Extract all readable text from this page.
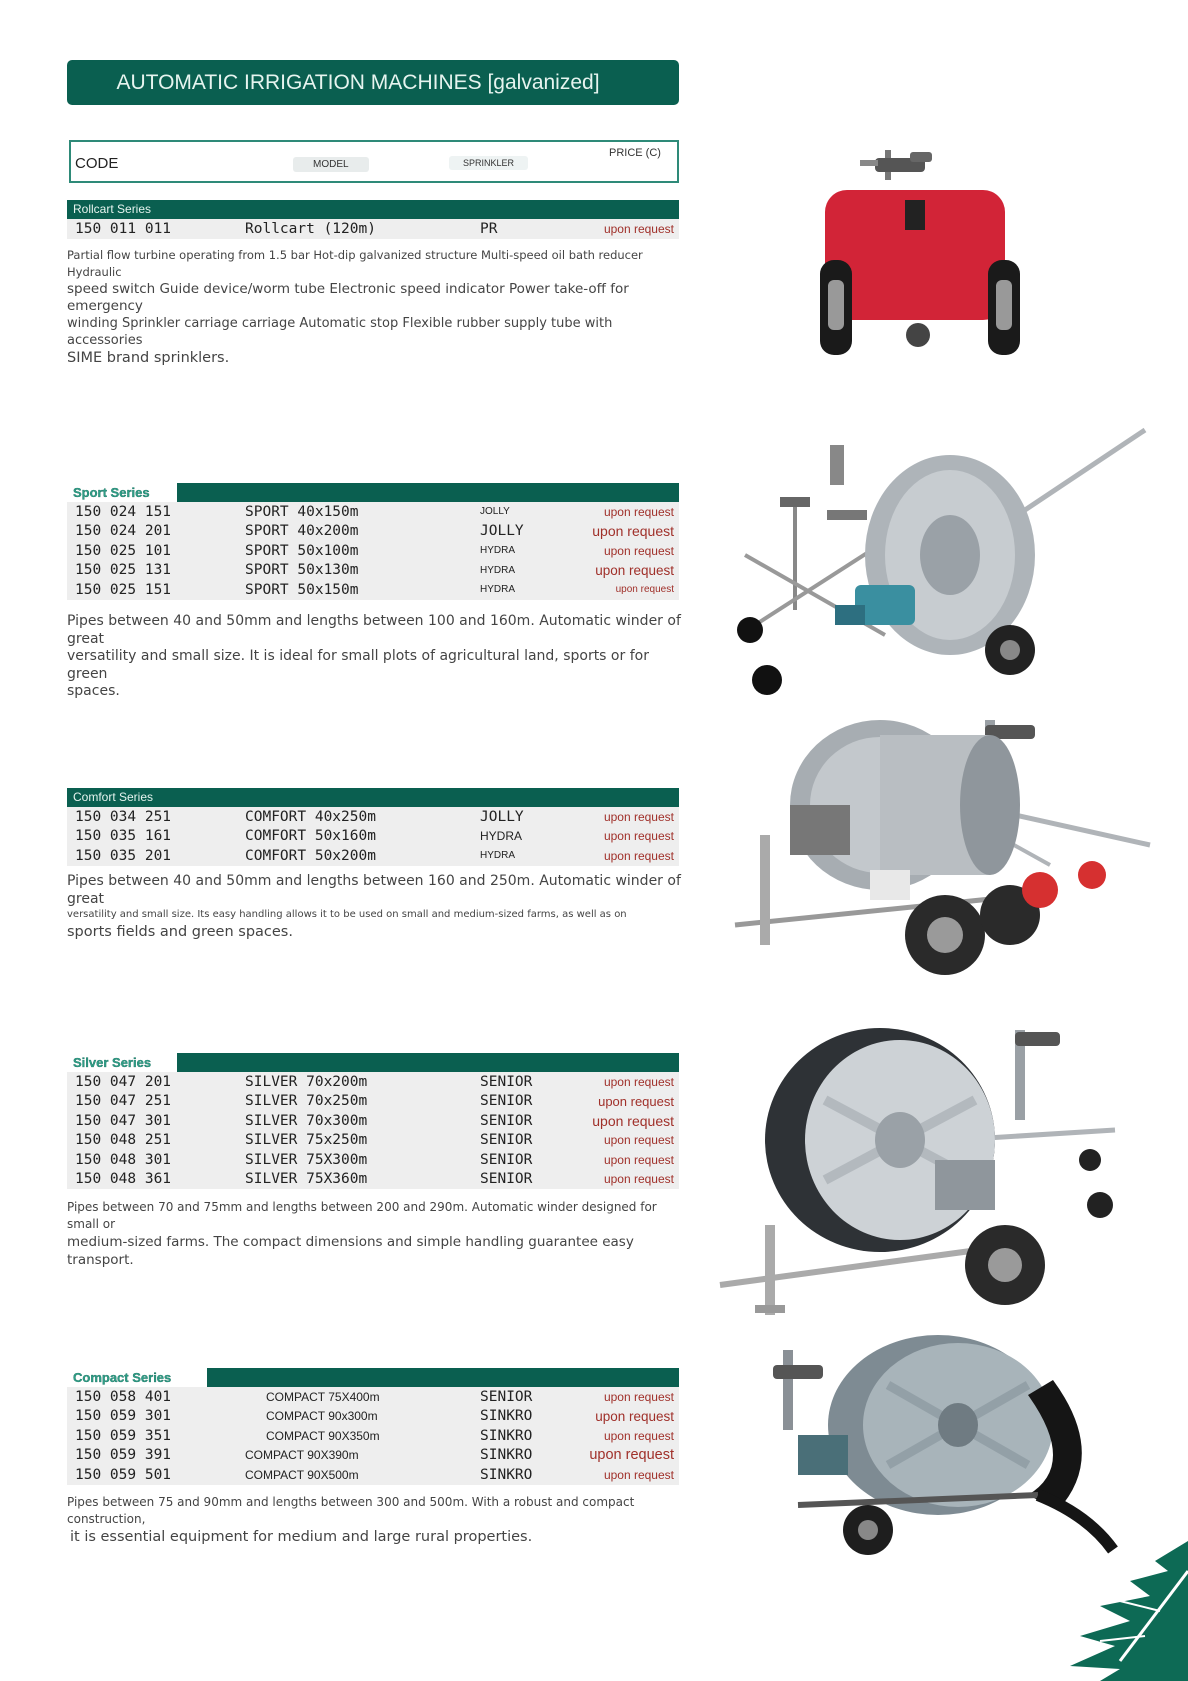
AUTOMATIC IRRIGATION MACHINES [galvanized]
CODE	MODEL	SPRINKLER
PRICE (C)
Rollcart Series
150 011 011	Rollcart (120m)	PR	upon request
Partial flow turbine operating from 1.5 bar Hot-dip galvanized structure Multi-speed oil bath reducer Hydraulic
speed switch Guide device/worm tube Electronic speed indicator Power take-off for emergency
winding Sprinkler carriage carriage Automatic stop Flexible rubber supply tube with accessories
SIME brand sprinklers.
Sport Series
150 024 151	SPORT 40x150m	JOLLY	upon request
150 024 201	SPORT 40x200m	JOLLY	upon request
150 025 101	SPORT 50x100m	HYDRA	upon request
150 025 131	SPORT 50x130m	HYDRA	upon request
150 025 151	SPORT 50x150m	HYDRA	upon request
Pipes between 40 and 50mm and lengths between 100 and 160m. Automatic winder of great
versatility and small size. It is ideal for small plots of agricultural land, sports or for green
spaces.
Comfort Series
150 034 251	COMFORT 40x250m	JOLLY	upon request
150 035 161	COMFORT 50x160m	HYDRA	upon request
150 035 201	COMFORT 50x200m	HYDRA	upon request
Pipes between 40 and 50mm and lengths between 160 and 250m. Automatic winder of great
versatility and small size. Its easy handling allows it to be used on small and medium-sized farms, as well as on
sports fields and green spaces.
Silver Series
150 047 201	SILVER 70x200m	SENIOR	upon request
150 047 251	SILVER 70x250m	SENIOR	upon request
150 047 301	SILVER 70x300m	SENIOR	upon request
150 048 251	SILVER 75x250m	SENIOR	upon request
150 048 301	SILVER 75X300m	SENIOR	upon request
150 048 361	SILVER 75X360m	SENIOR	upon request
Pipes between 70 and 75mm and lengths between 200 and 290m. Automatic winder designed for small or
medium-sized farms. The compact dimensions and simple handling guarantee easy transport.
Compact Series
150 058 401	COMPACT 75X400m	SENIOR	upon request
150 059 301	COMPACT 90x300m	SINKRO	upon request
150 059 351	COMPACT 90X350m	SINKRO	upon request
150 059 391	COMPACT 90X390m	SINKRO	upon request
150 059 501	COMPACT 90X500m	SINKRO	upon request
Pipes between 75 and 90mm and lengths between 300 and 500m. With a robust and compact construction,
it is essential equipment for medium and large rural properties.
